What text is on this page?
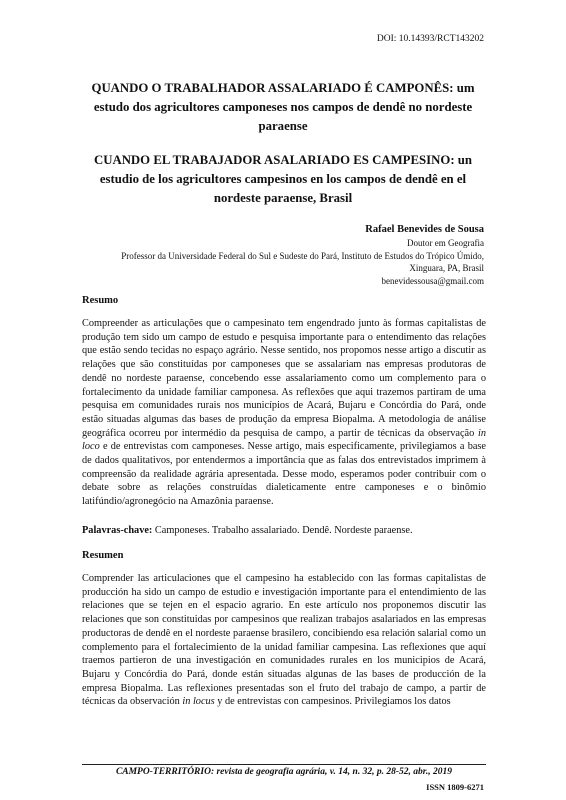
DOI: 10.14393/RCT143202
QUANDO O TRABALHADOR ASSALARIADO É CAMPONÊS: um estudo dos agricultores camponeses nos campos de dendê no nordeste paraense
CUANDO EL TRABAJADOR ASALARIADO ES CAMPESINO: un estudio de los agricultores campesinos en los campos de dendê en el nordeste paraense, Brasil
Rafael Benevides de Sousa
Doutor em Geografia
Professor da Universidade Federal do Sul e Sudeste do Pará, Instituto de Estudos do Trópico Úmido,
Xinguara, PA, Brasil
benevidessousa@gmail.com
Resumo

Compreender as articulações que o campesinato tem engendrado junto às formas capitalistas de produção tem sido um campo de estudo e pesquisa importante para o entendimento das relações que estão sendo tecidas no espaço agrário. Nesse sentido, nos propomos nesse artigo a discutir as relações que são constituídas por camponeses que se assalariam nas empresas produtoras de dendê no nordeste paraense, concebendo esse assalariamento como um complemento para o fortalecimento da unidade familiar camponesa. As reflexões que aqui trazemos partiram de uma pesquisa em comunidades rurais nos municípios de Acará, Bujaru e Concórdia do Pará, onde estão situadas algumas das bases de produção da empresa Biopalma. A metodologia de análise geográfica ocorreu por intermédio da pesquisa de campo, a partir de técnicas da observação in loco e de entrevistas com camponeses. Nesse artigo, mais especificamente, privilegiamos a base de dados qualitativos, por entendermos a importância que as falas dos entrevistados imprimem à compreensão da realidade agrária apresentada. Desse modo, esperamos poder contribuir com o debate sobre as relações construídas dialeticamente entre camponeses e o binômio latifúndio/agronegócio na Amazônia paraense.

Palavras-chave: Camponeses. Trabalho assalariado. Dendê. Nordeste paraense.
Resumen

Comprender las articulaciones que el campesino ha establecido con las formas capitalistas de producción ha sido un campo de estudio e investigación importante para el entendimiento de las relaciones que se tejen en el espacio agrario. En este artículo nos proponemos discutir las relaciones que son constituidas por campesinos que realizan trabajos asalariados en las empresas productoras de dendê en el nordeste paraense brasilero, concibiendo esa relación salarial como un complemento para el fortalecimiento de la unidad familiar campesina. Las reflexiones que aquí traemos partieron de una investigación en comunidades rurales en los municipios de Acará, Bujaru y Concórdia do Pará, donde están situadas algunas de las bases de producción de la empresa Biopalma. Las reflexiones presentadas son el fruto del trabajo de campo, a partir de técnicas da observación in locus y de entrevistas con campesinos. Privilegiamos los datos

CAMPO-TERRITÓRIO: revista de geografia agrária, v. 14, n. 32, p. 28-52, abr., 2019
ISSN 1809-6271
